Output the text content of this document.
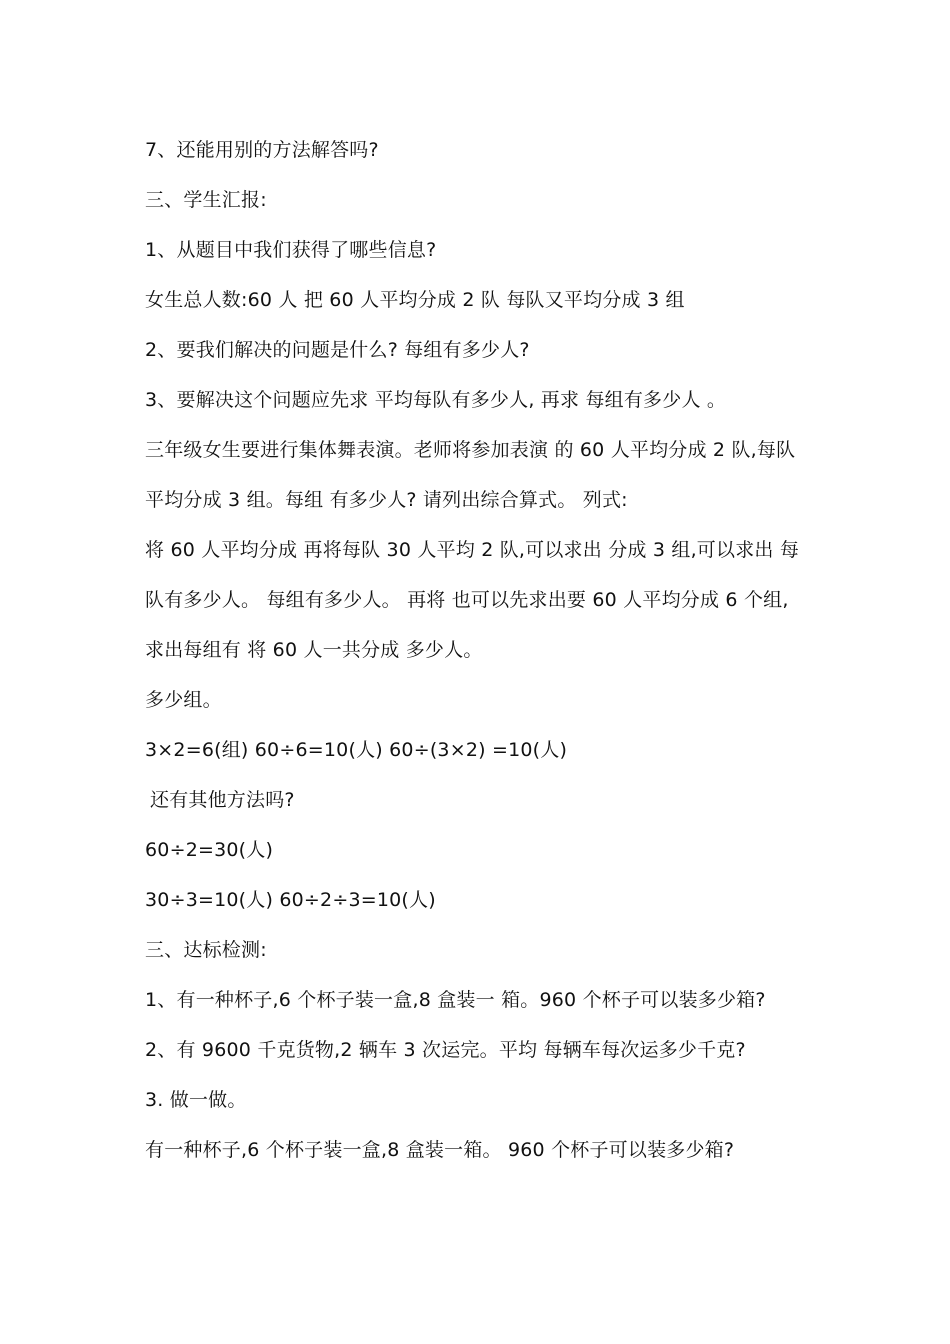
7、还能用别的方法解答吗?
三、学生汇报:
1、从题目中我们获得了哪些信息?
女生总人数:60 人 把 60 人平均分成 2 队 每队又平均分成 3 组
2、要我们解决的问题是什么? 每组有多少人?
3、要解决这个问题应先求 平均每队有多少人, 再求 每组有多少人 。
三年级女生要进行集体舞表演。老师将参加表演 的 60 人平均分成 2 队,每队
平均分成 3 组。每组 有多少人? 请列出综合算式。 列式:
将 60 人平均分成 再将每队 30 人平均 2 队,可以求出 分成 3 组,可以求出 每
队有多少人。 每组有多少人。 再将 也可以先求出要 60 人平均分成 6 个组,
求出每组有 将 60 人一共分成 多少人。
多少组。
3×2=6(组) 60÷6=10(人) 60÷(3×2) =10(人)
还有其他方法吗?
60÷2=30(人)
30÷3=10(人) 60÷2÷3=10(人)
三、达标检测:
1、有一种杯子,6 个杯子装一盒,8 盒装一 箱。960 个杯子可以装多少箱?
2、有 9600 千克货物,2 辆车 3 次运完。平均 每辆车每次运多少千克?
3. 做一做。
有一种杯子,6 个杯子装一盒,8 盒装一箱。 960 个杯子可以装多少箱?
